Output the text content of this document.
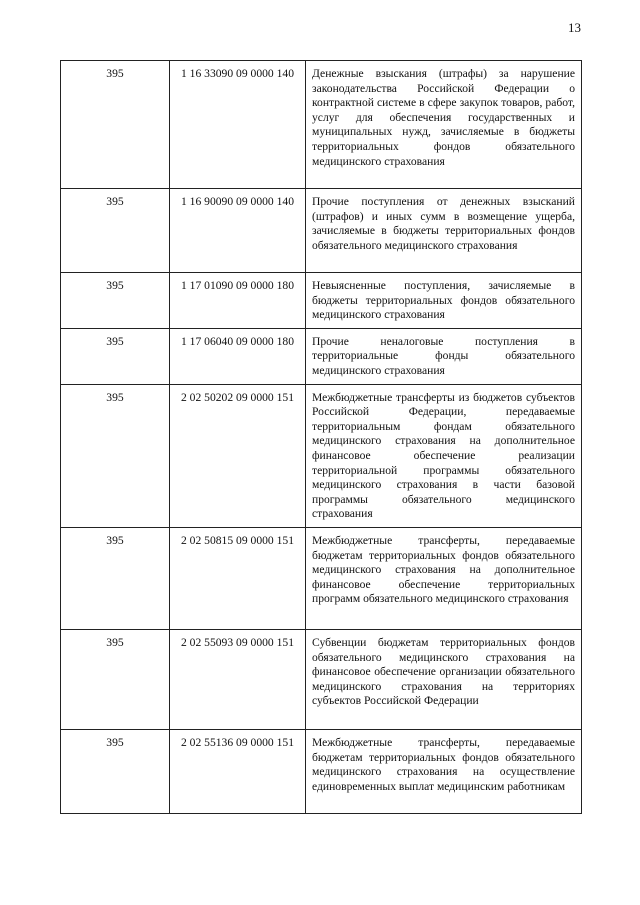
13
395	1 16 33090 09 0000 140	Денежные взыскания (штрафы) за нарушение законодательства Российской Федерации о контрактной системе в сфере закупок товаров, работ, услуг для обеспечения государственных и муниципальных нужд, зачисляемые в бюджеты территориальных фондов обязательного медицинского страхования
395	1 16 90090 09 0000 140	Прочие поступления от денежных взысканий (штрафов) и иных сумм в возмещение ущерба, зачисляемые в бюджеты территориальных фондов обязательного медицинского страхования
395	1 17 01090 09 0000 180	Невыясненные поступления, зачисляемые в бюджеты территориальных фондов обязательного медицинского страхования
395	1 17 06040 09 0000 180	Прочие неналоговые поступления в территориальные фонды обязательного медицинского страхования
395	2 02 50202 09 0000 151	Межбюджетные трансферты из бюджетов субъектов Российской Федерации, передаваемые территориальным фондам обязательного медицинского страхования на дополнительное финансовое обеспечение реализации территориальной программы обязательного медицинского страхования в части базовой программы обязательного медицинского страхования
395	2 02 50815 09 0000 151	Межбюджетные трансферты, передаваемые бюджетам территориальных фондов обязательного медицинского страхования на дополнительное финансовое обеспечение территориальных программ обязательного медицинского страхования
395	2 02 55093 09 0000 151	Субвенции бюджетам территориальных фондов обязательного медицинского страхования на финансовое обеспечение организации обязательного медицинского страхования на территориях субъектов Российской Федерации
395	2 02 55136 09 0000 151	Межбюджетные трансферты, передаваемые бюджетам территориальных фондов обязательного медицинского страхования на осуществление единовременных выплат медицинским работникам
